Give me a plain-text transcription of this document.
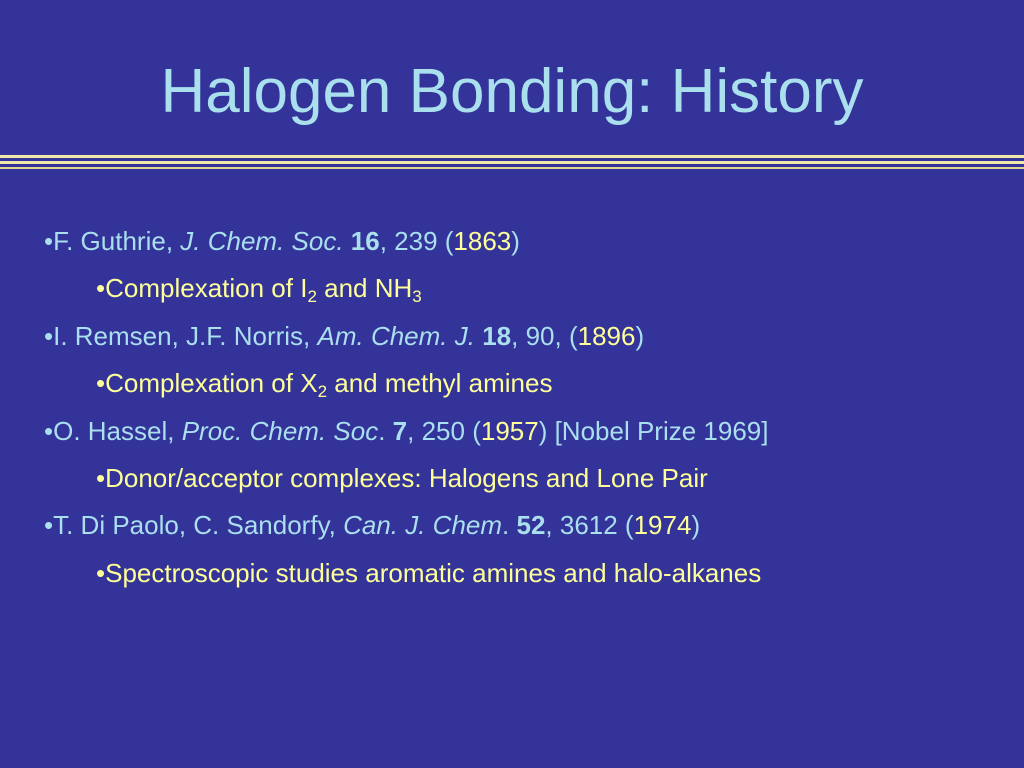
Halogen Bonding: History
•F. Guthrie, J. Chem. Soc. 16, 239 (1863)
•Complexation of $I_2$ and $NH_3$
•I. Remsen, J.F. Norris, Am. Chem. J. 18, 90, (1896)
•Complexation of $X_2$ and methyl amines
•O. Hassel, Proc. Chem. Soc. 7, 250 (1957) [Nobel Prize 1969]
•Donor/acceptor complexes: Halogens and Lone Pair
•T. Di Paolo, C. Sandorfy, Can. J. Chem. 52, 3612 (1974)
•Spectroscopic studies aromatic amines and halo-alkanes
